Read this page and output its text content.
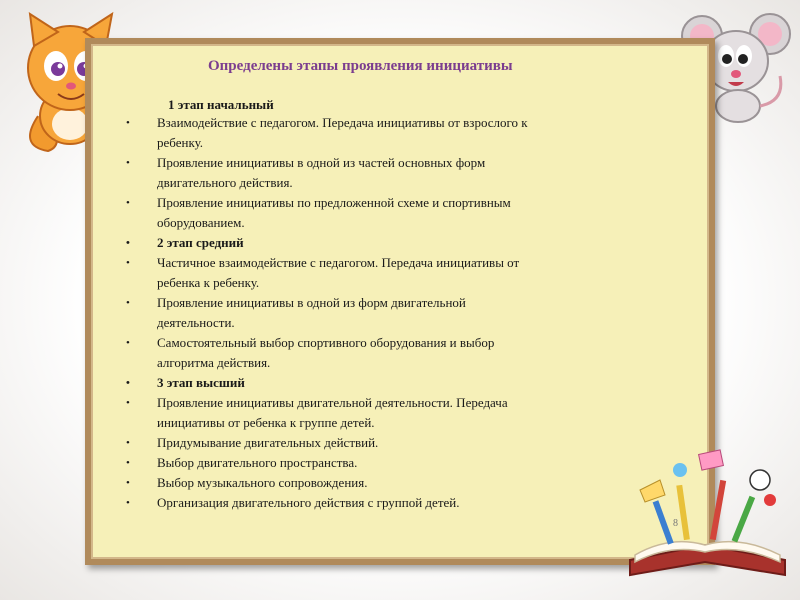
Определены этапы проявления инициативы
1 этап начальный
• Взаимодействие с педагогом. Передача инициативы от взрослого к ребенку.
• Проявление инициативы в одной из частей основных форм двигательного действия.
• Проявление инициативы по предложенной схеме и спортивным оборудованием.
• 2 этап средний
• Частичное взаимодействие с педагогом. Передача инициативы от ребенка к ребенку.
• Проявление инициативы в одной из форм двигательной деятельности.
• Самостоятельный выбор спортивного оборудования и выбор алгоритма действия.
• 3 этап высший
• Проявление инициативы двигательной деятельности. Передача инициативы от ребенка к группе детей.
• Придумывание двигательных действий.
• Выбор двигательного пространства.
• Выбор музыкального сопровождения.
• Организация двигательного действия с группой детей.
8
